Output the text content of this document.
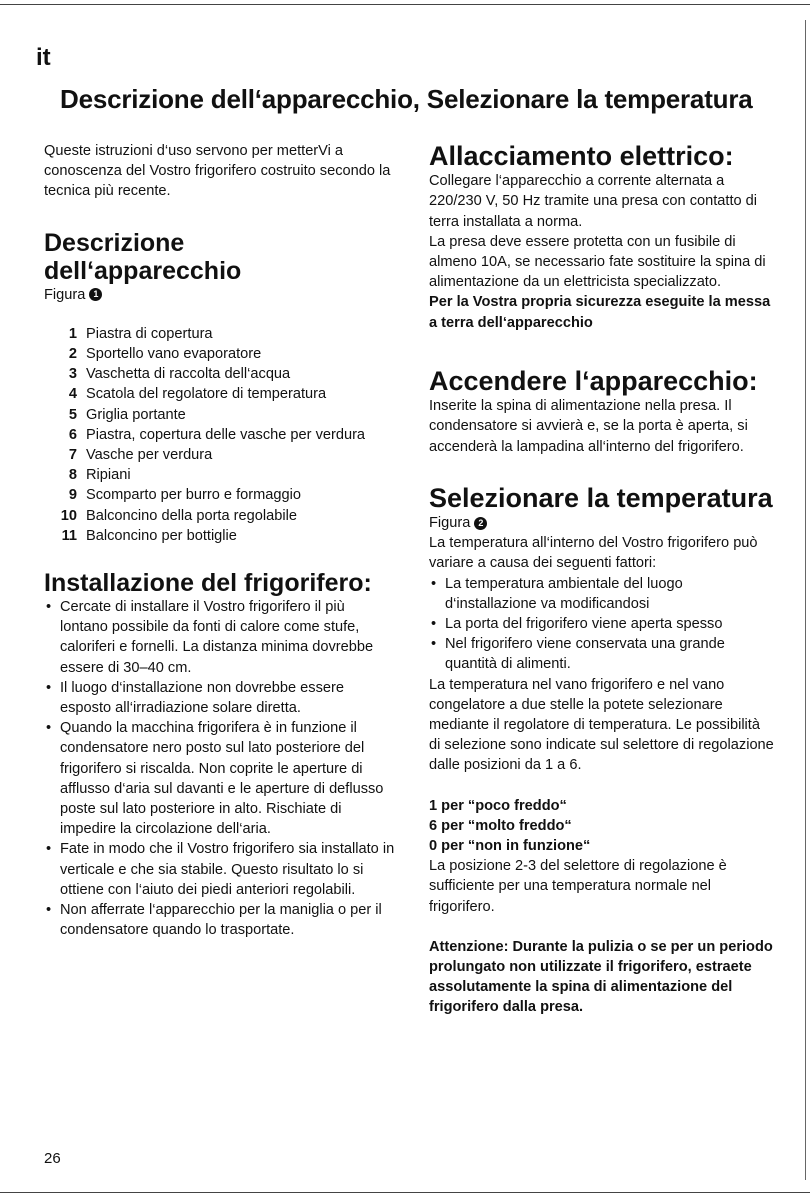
it
Descrizione dell‘apparecchio, Selezionare la temperatura

Queste istruzioni d‘uso servono per metterVi a conoscenza del Vostro frigorifero costruito secondo la tecnica più recente.

Descrizione
dell‘apparecchio
Figura 1
1 Piastra di copertura
2 Sportello vano evaporatore
3 Vaschetta di raccolta dell‘acqua
4 Scatola del regolatore di temperatura
5 Griglia portante
6 Piastra, copertura delle vasche per verdura
7 Vasche per verdura
8 Ripiani
9 Scomparto per burro e formaggio
10 Balconcino della porta regolabile
11 Balconcino per bottiglie
Installazione del frigorifero:
• Cercate di installare il Vostro frigorifero il più lontano possibile da fonti di calore come stufe, caloriferi e fornelli. La distanza minima dovrebbe essere di 30–40 cm.
• Il luogo d‘installazione non dovrebbe essere esposto all‘irradiazione solare diretta.
• Quando la macchina frigorifera è in funzione il condensatore nero posto sul lato posteriore del frigorifero si riscalda. Non coprite le aperture di afflusso d‘aria sul davanti e le aperture di deflusso poste sul lato posteriore in alto. Rischiate di impedire la circolazione dell‘aria.
• Fate in modo che il Vostro frigorifero sia installato in verticale e che sia stabile. Questo risultato lo si ottiene con l‘aiuto dei piedi anteriori regolabili.
• Non afferrate l‘apparecchio per la maniglia o per il condensatore quando lo trasportate.
Allacciamento elettrico:

Collegare l‘apparecchio a corrente alternata a 220/230 V, 50 Hz tramite una presa con contatto di terra installata a norma.

La presa deve essere protetta con un fusibile di almeno 10A, se necessario fate sostituire la spina di alimentazione da un elettricista specializzato.

Per la Vostra propria sicurezza eseguite la messa a terra dell‘apparecchio

Accendere l‘apparecchio:

Inserite la spina di alimentazione nella presa. Il condensatore si avvierà e, se la porta è aperta, si accenderà la lampadina all‘interno del frigorifero.

Selezionare la temperatura
Figura 2

La temperatura all‘interno del Vostro frigorifero può variare a causa dei seguenti fattori:

• La temperatura ambientale del luogo d‘installazione va modificandosi
• La porta del frigorifero viene aperta spesso
• Nel frigorifero viene conservata una grande quantità di alimenti.

La temperatura nel vano frigorifero e nel vano congelatore a due stelle la potete selezionare mediante il regolatore di temperatura. Le possibilità di selezione sono indicate sul selettore di regolazione dalle posizioni da 1 a 6.

1 per “poco freddo“
6 per “molto freddo“
0 per “non in funzione“

La posizione 2-3 del selettore di regolazione è sufficiente per una temperatura normale nel frigorifero.

Attenzione: Durante la pulizia o se per un periodo prolungato non utilizzate il frigorifero, estraete assolutamente la spina di alimentazione del frigorifero dalla presa.

26
